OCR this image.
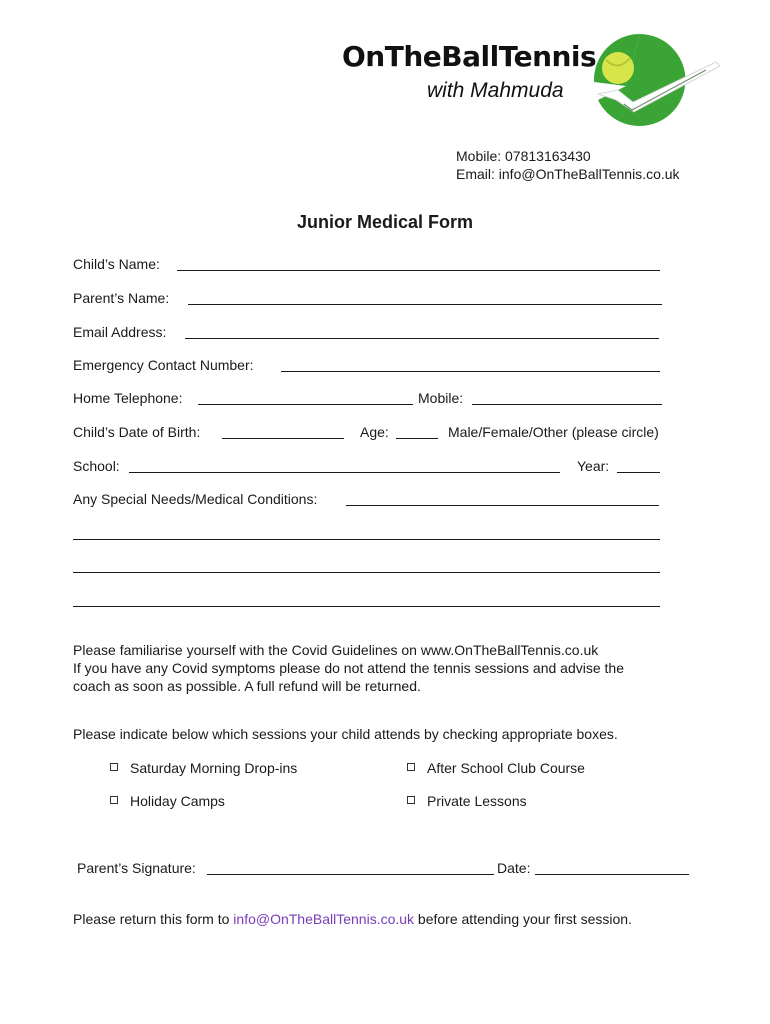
OnTheBallTennis
with Mahmuda
Mobile: 07813163430
Email: info@OnTheBallTennis.co.uk
Junior Medical Form
Child’s Name:
Parent’s Name:
Email Address:
Emergency Contact Number:
Home Telephone:	Mobile:
Child’s Date of Birth:	Age:	Male/Female/Other (please circle)
School:	Year:
Any Special Needs/Medical Conditions:
Please familiarise yourself with the Covid Guidelines on www.OnTheBallTennis.co.uk
If you have any Covid symptoms please do not attend the tennis sessions and advise the
coach as soon as possible. A full refund will be returned.
Please indicate below which sessions your child attends by checking appropriate boxes.
Saturday Morning Drop-ins	After School Club Course
Holiday Camps	Private Lessons
Parent’s Signature:	Date:
Please return this form to info@OnTheBallTennis.co.uk before attending your first session.
